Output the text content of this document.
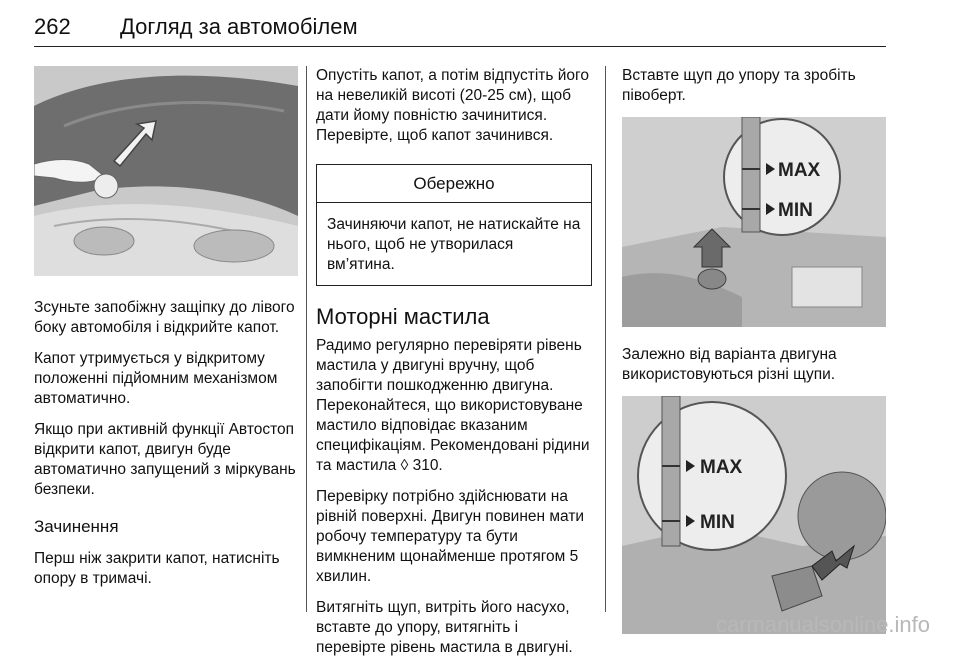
262 Догляд за автомобілем

Зсуньте запобіжну защіпку до лівого боку автомобіля і відкрийте капот.

Капот утримується у відкритому положенні підйомним механізмом автоматично.

Якщо при активній функції Автостоп відкрити капот, двигун буде автоматично запущений з міркувань безпеки.

Зачинення

Перш ніж закрити капот, натисніть опору в тримачі.

Опустіть капот, а потім відпустіть його на невеликій висоті (20-25 см), щоб дати йому повністю зачинитися. Перевірте, щоб капот зачинився.

Обережно
Зачиняючи капот, не натискайте на нього, щоб не утворилася вм’ятина.
Моторні мастила

Радимо регулярно перевіряти рівень мастила у двигуні вручну, щоб запобігти пошкодженню двигуна. Переконайтеся, що використовуване мастило відповідає вказаним специфікаціям. Рекомендовані рідини та мастила ◊ 310.

Перевірку потрібно здійснювати на рівній поверхні. Двигун повинен мати робочу температуру та бути вимкненим щонайменше протягом 5 хвилин.

Витягніть щуп, витріть його насухо, вставте до упору, витягніть і перевірте рівень мастила в двигуні.

Вставте щуп до упору та зробіть півоберт.

MAX
MIN

Залежно від варіанта двигуна використовуються різні щупи.

MAX
MIN
carmanualsonline.info
